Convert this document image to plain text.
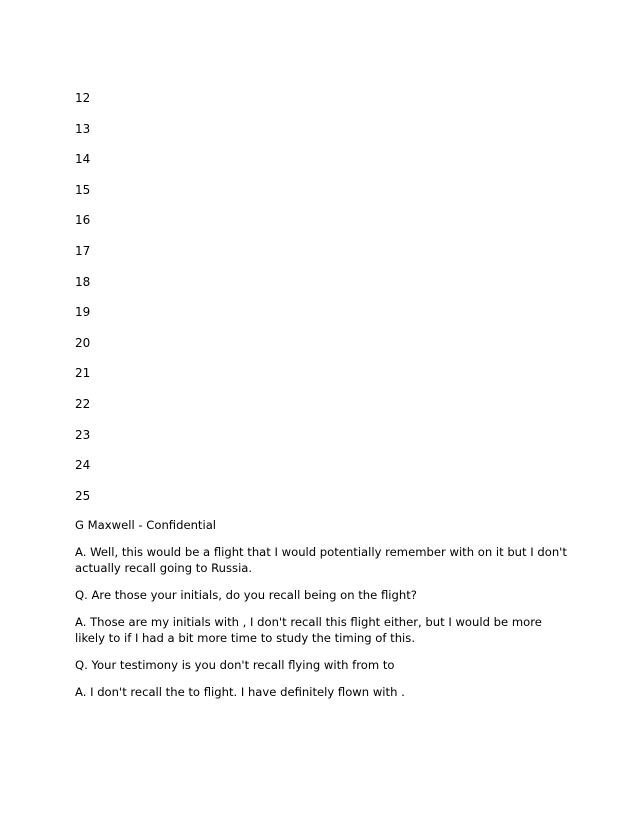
12
13
14
15
16
17
18
19
20
21
22
23
24
25

G Maxwell - Confidential

A. Well, this would be a flight that I would potentially remember with on it but I don't actually recall going to Russia.

Q. Are those your initials, do you recall being on the flight?

A. Those are my initials with , I don't recall this flight either, but I would be more likely to if I had a bit more time to study the timing of this.

Q. Your testimony is you don't recall flying with from to

A. I don't recall the to flight. I have definitely flown with .
